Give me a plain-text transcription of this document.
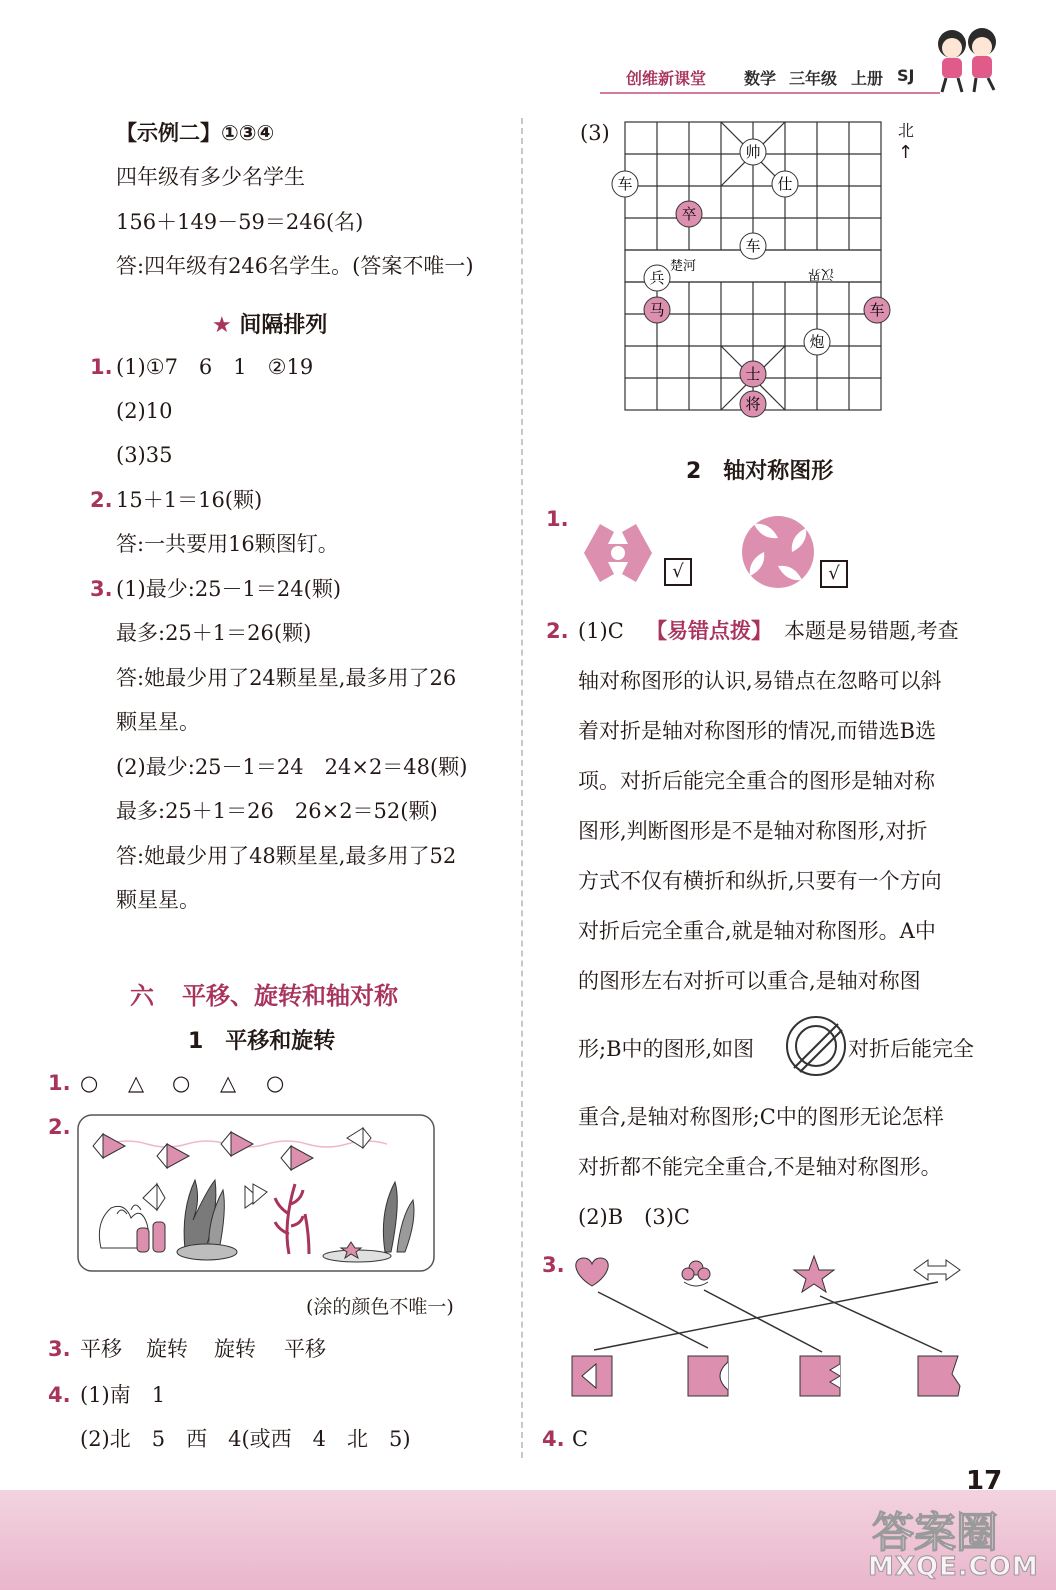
创维新课堂 数学 三年级 上册 SJ
【示例二】①③④
四年级有多少名学生
156＋149－59＝246(名)
答:四年级有246名学生。(答案不唯一)
★ 间隔排列
1. (1)①7　6　1　②19
(2)10
(3)35
2. 15＋1＝16(颗)
答:一共要用16颗图钉。
3. (1)最少:25－1＝24(颗)
最多:25＋1＝26(颗)
答:她最少用了24颗星星,最多用了26
颗星星。
(2)最少:25－1＝24　24×2＝48(颗)
最多:25＋1＝26　26×2＝52(颗)
答:她最少用了48颗星星,最多用了52
颗星星。
六 平移、旋转和轴对称
1　平移和旋转
1. ○ △ ○ △ ○
2.
(涂的颜色不唯一)
3. 平移 旋转 旋转 平移
4. (1)南　1
(2)北　5　西　4(或西　4　北　5)
(3)	北
↑
帅
仕
车
卒
车
兵
马	车
炮
士
将
楚河	汉界
2　轴对称图形
1.
√	√
2. (1)C 【易错点拨】 本题是易错题,考查
轴对称图形的认识,易错点在忽略可以斜
着对折是轴对称图形的情况,而错选B选
项。对折后能完全重合的图形是轴对称
图形,判断图形是不是轴对称图形,对折
方式不仅有横折和纵折,只要有一个方向
对折后完全重合,就是轴对称图形。A中
的图形左右对折可以重合,是轴对称图
形;B中的图形,如图	对折后能完全
重合,是轴对称图形;C中的图形无论怎样
对折都不能完全重合,不是轴对称图形。
(2)B　(3)C
3.
4. C
17
答案圈
MXQE.COM
